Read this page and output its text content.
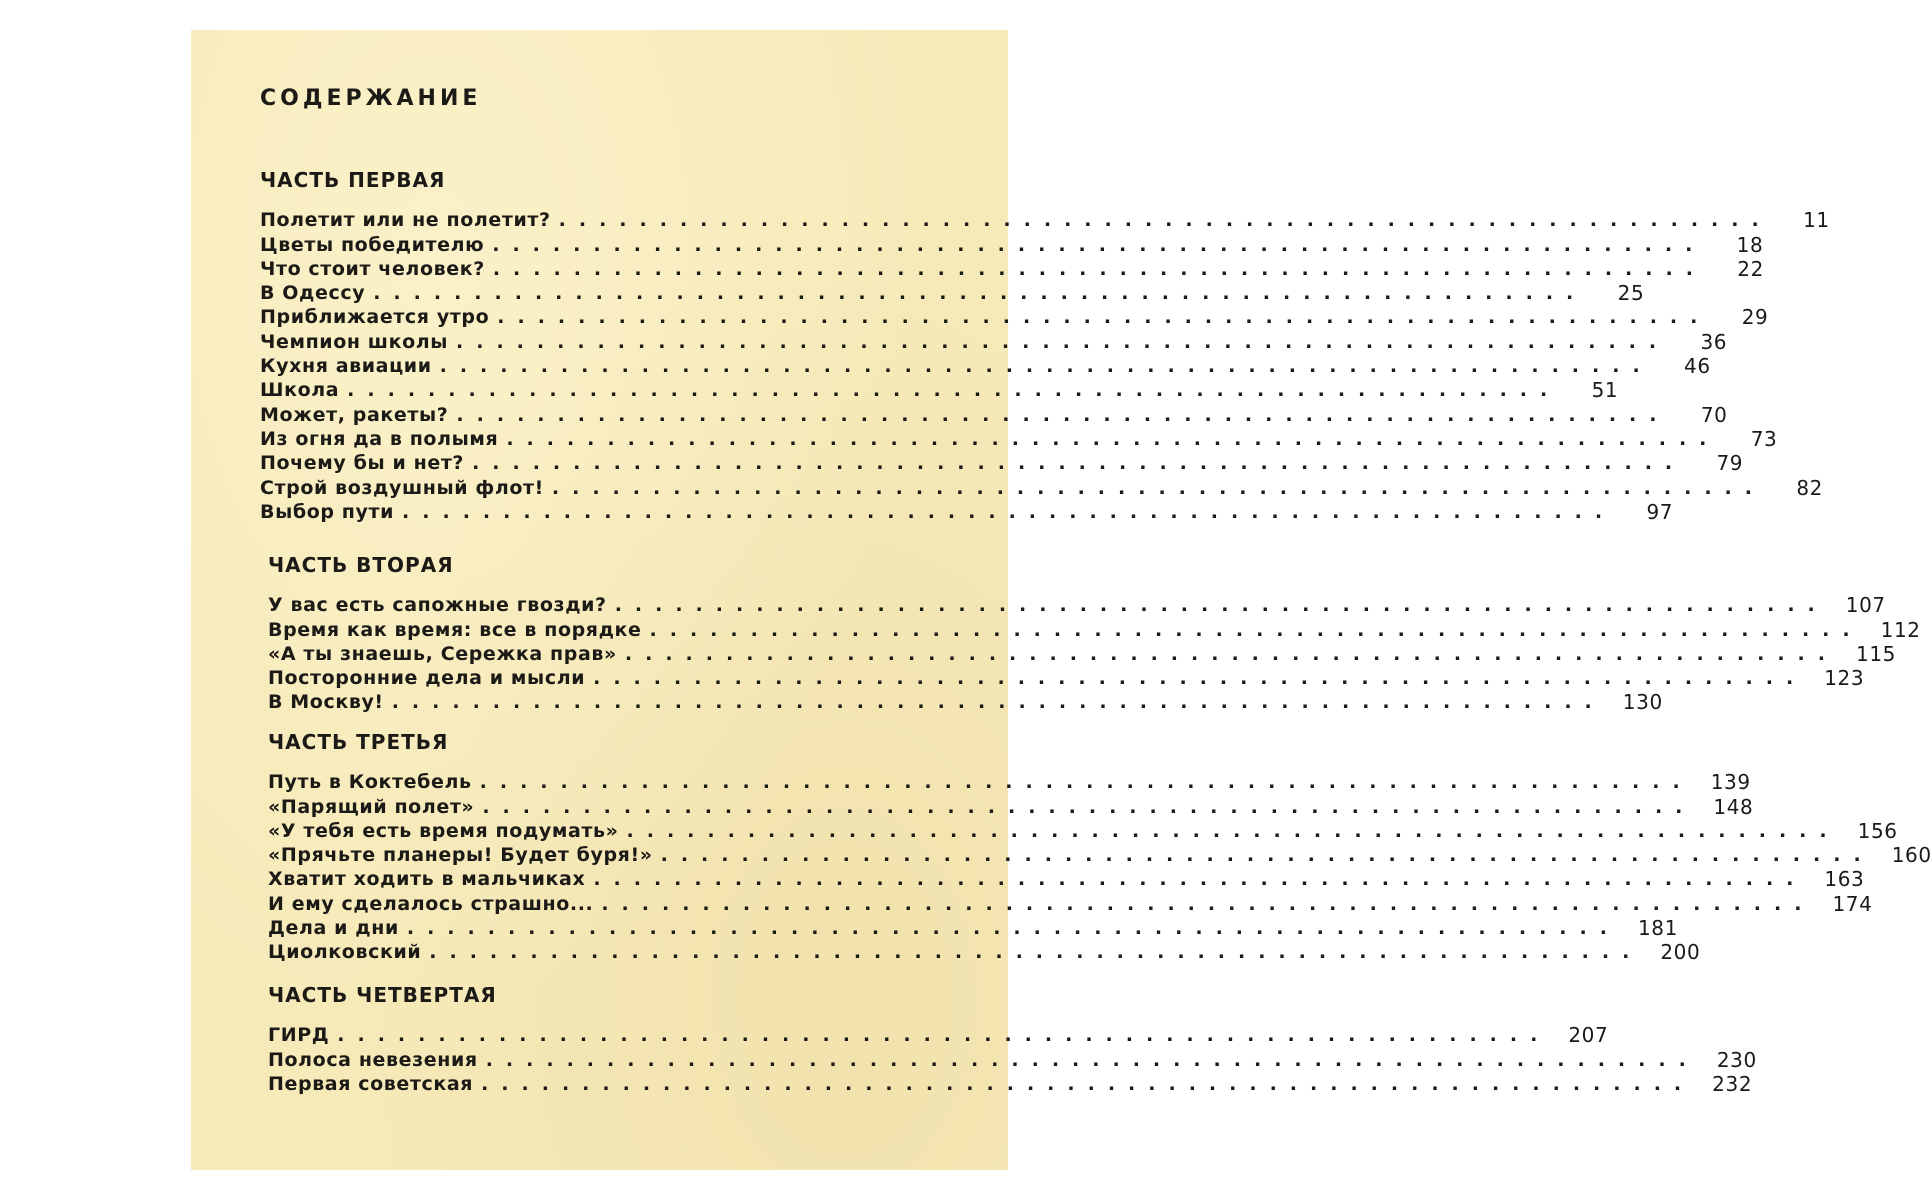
СОДЕРЖАНИЕ
ЧАСТЬ ПЕРВАЯ
Полетит или не полетит? ............................................................	11
Цветы победителю ............................................................	18
Что стоит человек? ............................................................	22
В Одессу ............................................................	25
Приближается утро ............................................................	29
Чемпион школы ............................................................	36
Кухня авиации ............................................................	46
Школа ............................................................	51
Может, ракеты? ............................................................	70
Из огня да в полымя ............................................................	73
Почему бы и нет? ............................................................	79
Строй воздушный флот! ............................................................	82
Выбор пути ............................................................	97
ЧАСТЬ ВТОРАЯ
У вас есть сапожные гвозди? ............................................................ 107
Время как время: все в порядке ............................................................ 112
«А ты знаешь, Сережка прав» ............................................................ 115
Посторонние дела и мысли ............................................................ 123
В Москву! ............................................................ 130
ЧАСТЬ ТРЕТЬЯ
Путь в Коктебель ............................................................ 139
«Парящий полет» ............................................................ 148
«У тебя есть время подумать» ............................................................ 156
«Прячьте планеры! Будет буря!» ............................................................ 160
Хватит ходить в мальчиках ............................................................ 163
И ему сделалось страшно... ............................................................ 174
Дела и дни ............................................................ 181
Циолковский ............................................................ 200
ЧАСТЬ ЧЕТВЕРТАЯ
ГИРД ............................................................ 207
Полоса невезения ............................................................ 230
Первая советская ............................................................ 232
